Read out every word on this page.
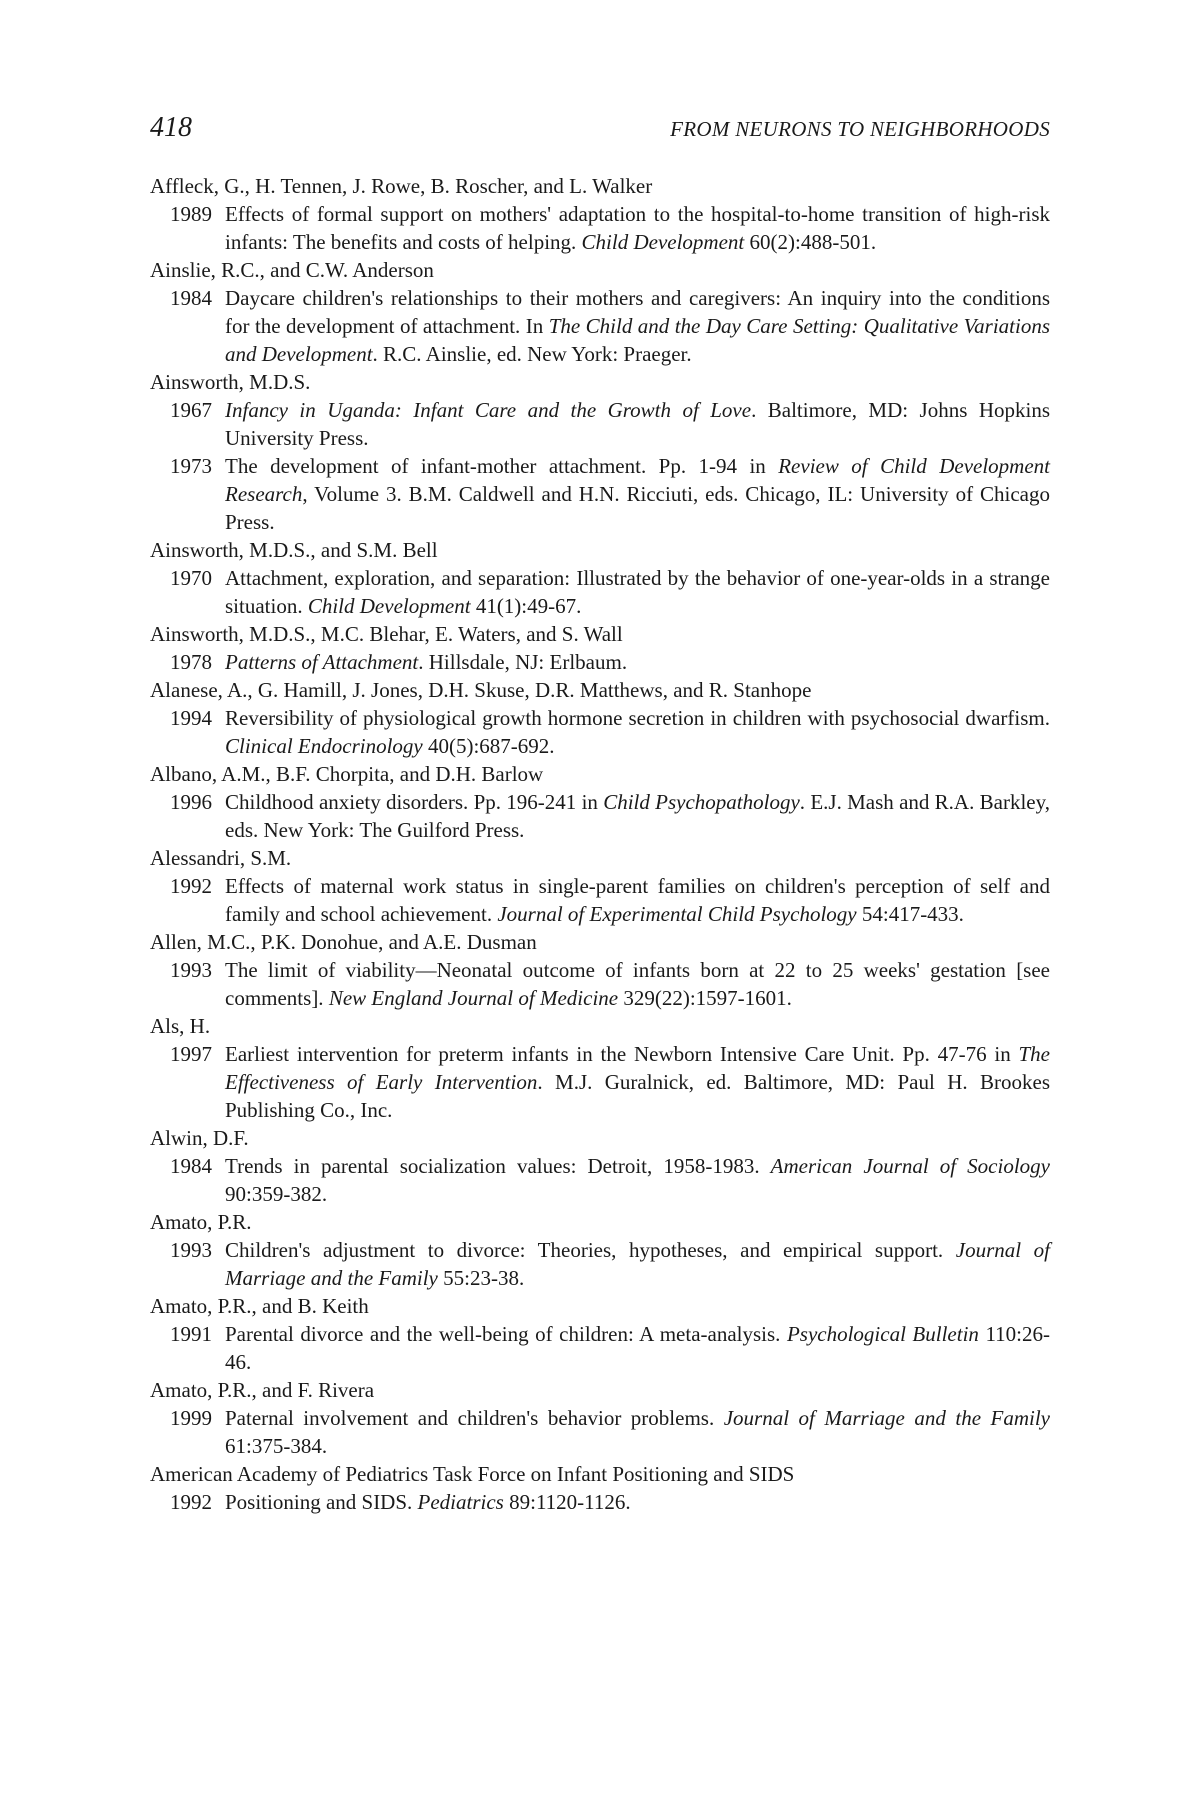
418	FROM NEURONS TO NEIGHBORHOODS
Affleck, G., H. Tennen, J. Rowe, B. Roscher, and L. Walker
1989 Effects of formal support on mothers' adaptation to the hospital-to-home transition of high-risk infants: The benefits and costs of helping. Child Development 60(2):488-501.
Ainslie, R.C., and C.W. Anderson
1984 Daycare children's relationships to their mothers and caregivers: An inquiry into the conditions for the development of attachment. In The Child and the Day Care Setting: Qualitative Variations and Development. R.C. Ainslie, ed. New York: Praeger.
Ainsworth, M.D.S.
1967 Infancy in Uganda: Infant Care and the Growth of Love. Baltimore, MD: Johns Hopkins University Press.
1973 The development of infant-mother attachment. Pp. 1-94 in Review of Child Development Research, Volume 3. B.M. Caldwell and H.N. Ricciuti, eds. Chicago, IL: University of Chicago Press.
Ainsworth, M.D.S., and S.M. Bell
1970 Attachment, exploration, and separation: Illustrated by the behavior of one-year-olds in a strange situation. Child Development 41(1):49-67.
Ainsworth, M.D.S., M.C. Blehar, E. Waters, and S. Wall
1978 Patterns of Attachment. Hillsdale, NJ: Erlbaum.
Alanese, A., G. Hamill, J. Jones, D.H. Skuse, D.R. Matthews, and R. Stanhope
1994 Reversibility of physiological growth hormone secretion in children with psychosocial dwarfism. Clinical Endocrinology 40(5):687-692.
Albano, A.M., B.F. Chorpita, and D.H. Barlow
1996 Childhood anxiety disorders. Pp. 196-241 in Child Psychopathology. E.J. Mash and R.A. Barkley, eds. New York: The Guilford Press.
Alessandri, S.M.
1992 Effects of maternal work status in single-parent families on children's perception of self and family and school achievement. Journal of Experimental Child Psychology 54:417-433.
Allen, M.C., P.K. Donohue, and A.E. Dusman
1993 The limit of viability—Neonatal outcome of infants born at 22 to 25 weeks' gestation [see comments]. New England Journal of Medicine 329(22):1597-1601.
Als, H.
1997 Earliest intervention for preterm infants in the Newborn Intensive Care Unit. Pp. 47-76 in The Effectiveness of Early Intervention. M.J. Guralnick, ed. Baltimore, MD: Paul H. Brookes Publishing Co., Inc.
Alwin, D.F.
1984 Trends in parental socialization values: Detroit, 1958-1983. American Journal of Sociology 90:359-382.
Amato, P.R.
1993 Children's adjustment to divorce: Theories, hypotheses, and empirical support. Journal of Marriage and the Family 55:23-38.
Amato, P.R., and B. Keith
1991 Parental divorce and the well-being of children: A meta-analysis. Psychological Bulletin 110:26-46.
Amato, P.R., and F. Rivera
1999 Paternal involvement and children's behavior problems. Journal of Marriage and the Family 61:375-384.
American Academy of Pediatrics Task Force on Infant Positioning and SIDS
1992 Positioning and SIDS. Pediatrics 89:1120-1126.
